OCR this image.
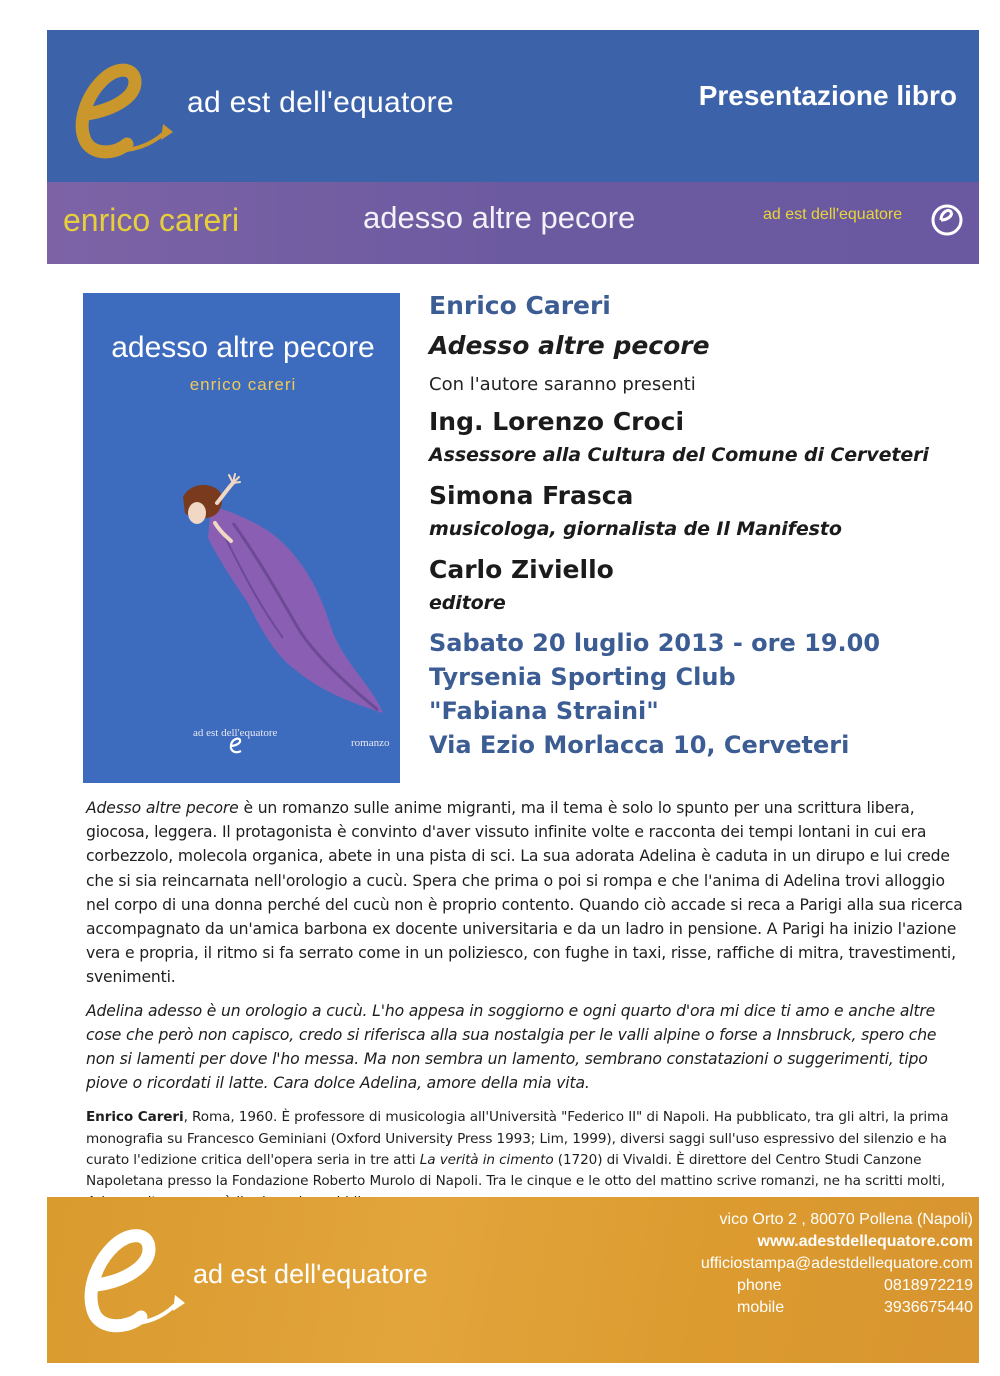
ad est dell'equatore	Presentazione libro
enrico careri	adesso altre pecore	ad est dell'equatore
adesso altre pecore
enrico careri
ad est dell'equatore
romanzo

Enrico Careri

Adesso altre pecore

Con l'autore saranno presenti

Ing. Lorenzo Croci

Assessore alla Cultura del Comune di Cerveteri

Simona Frasca

musicologa, giornalista de Il Manifesto

Carlo Ziviello

editore

Sabato 20 luglio 2013 - ore 19.00

Tyrsenia Sporting Club

"Fabiana Straini"

Via Ezio Morlacca 10, Cerveteri

Adesso altre pecore è un romanzo sulle anime migranti, ma il tema è solo lo spunto per una scrittura libera, giocosa, leggera. Il protagonista è convinto d'aver vissuto infinite volte e racconta dei tempi lontani in cui era corbezzolo, molecola organica, abete in una pista di sci. La sua adorata Adelina è caduta in un dirupo e lui crede che si sia reincarnata nell'orologio a cucù. Spera che prima o poi si rompa e che l'anima di Adelina trovi alloggio nel corpo di una donna perché del cucù non è proprio contento. Quando ciò accade si reca a Parigi alla sua ricerca accompagnato da un'amica barbona ex docente universitaria e da un ladro in pensione. A Parigi ha inizio l'azione vera e propria, il ritmo si fa serrato come in un poliziesco, con fughe in taxi, risse, raffiche di mitra, travestimenti, svenimenti.

Adelina adesso è un orologio a cucù. L'ho appesa in soggiorno e ogni quarto d'ora mi dice ti amo e anche altre cose che però non capisco, credo si riferisca alla sua nostalgia per le valli alpine o forse a Innsbruck, spero che non si lamenti per dove l'ho messa. Ma non sembra un lamento, sembrano constatazioni o suggerimenti, tipo piove o ricordati il latte. Cara dolce Adelina, amore della mia vita.

Enrico Careri, Roma, 1960. È professore di musicologia all'Università "Federico II" di Napoli. Ha pubblicato, tra gli altri, la prima monografia su Francesco Geminiani (Oxford University Press 1993; Lim, 1999), diversi saggi sull'uso espressivo del silenzio e ha curato l'edizione critica dell'opera seria in tre atti La verità in cimento (1720) di Vivaldi. È direttore del Centro Studi Canzone Napoletana presso la Fondazione Roberto Murolo di Napoli. Tra le cinque e le otto del mattino scrive romanzi, ne ha scritti molti,

ad est dell'equatore
vico Orto 2 , 80070 Pollena (Napoli)
www.adestdellequatore.com
ufficiostampa@adestdellequatore.com
phone	0818972219
mobile	3936675440
